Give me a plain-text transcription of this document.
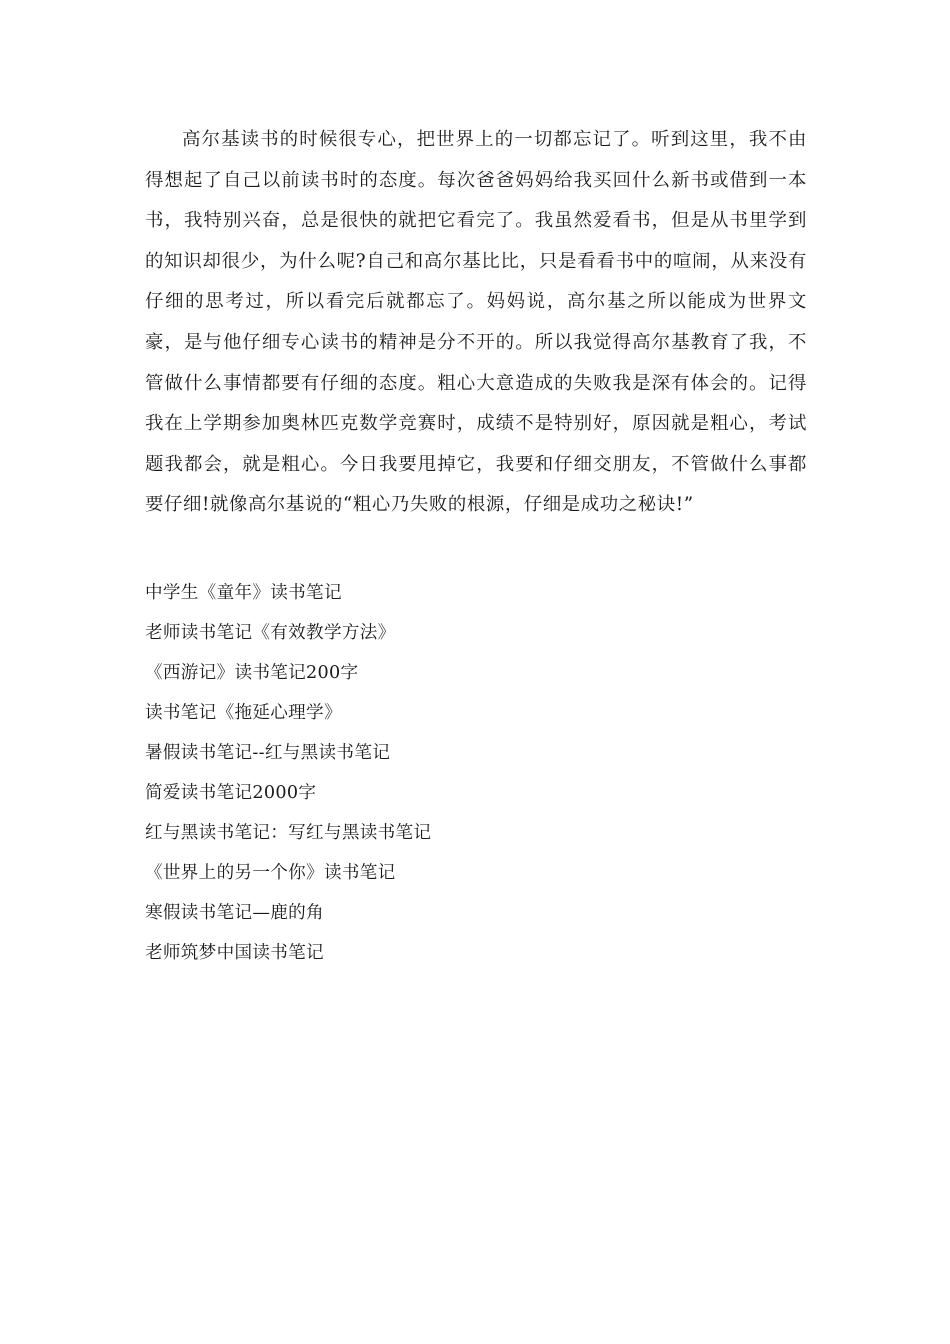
高尔基读书的时候很专心，把世界上的一切都忘记了。听到这里，我不由得想起了自己以前读书时的态度。每次爸爸妈妈给我买回什么新书或借到一本书，我特别兴奋，总是很快的就把它看完了。我虽然爱看书，但是从书里学到的知识却很少，为什么呢?自己和高尔基比比，只是看看书中的喧闹，从来没有仔细的思考过，所以看完后就都忘了。妈妈说，高尔基之所以能成为世界文豪，是与他仔细专心读书的精神是分不开的。所以我觉得高尔基教育了我，不管做什么事情都要有仔细的态度。粗心大意造成的失败我是深有体会的。记得我在上学期参加奥林匹克数学竞赛时，成绩不是特别好，原因就是粗心，考试题我都会，就是粗心。今日我要甩掉它，我要和仔细交朋友，不管做什么事都要仔细!就像高尔基说的“粗心乃失败的根源，仔细是成功之秘诀!”

中学生《童年》读书笔记
老师读书笔记《有效教学方法》
《西游记》读书笔记200字
读书笔记《拖延心理学》
暑假读书笔记--红与黑读书笔记
简爱读书笔记2000字
红与黑读书笔记：写红与黑读书笔记
《世界上的另一个你》读书笔记
寒假读书笔记—鹿的角
老师筑梦中国读书笔记
